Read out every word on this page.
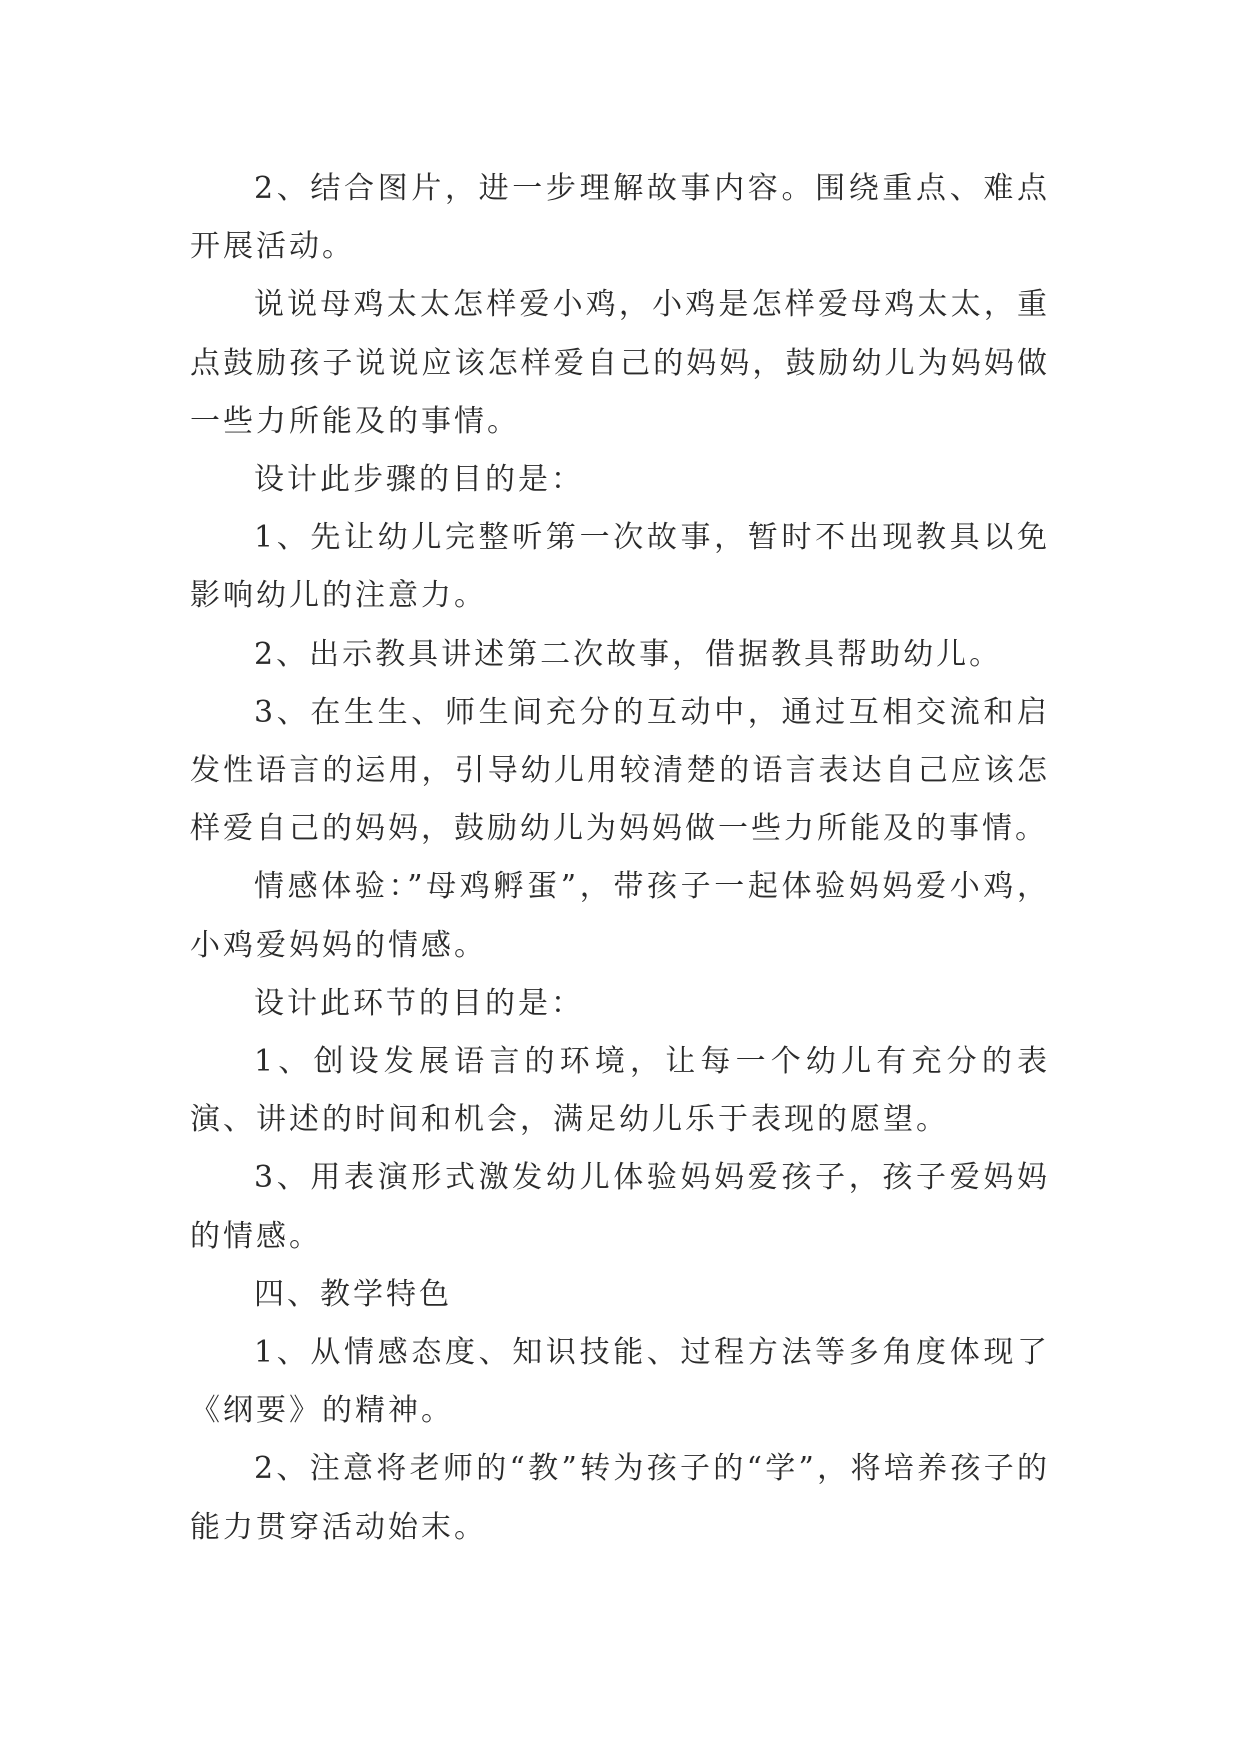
2、结合图片，进一步理解故事内容。围绕重点、难点开展活动。

说说母鸡太太怎样爱小鸡，小鸡是怎样爱母鸡太太，重点鼓励孩子说说应该怎样爱自己的妈妈，鼓励幼儿为妈妈做一些力所能及的事情。

设计此步骤的目的是：

1、先让幼儿完整听第一次故事，暂时不出现教具以免影响幼儿的注意力。

2、出示教具讲述第二次故事，借据教具帮助幼儿。

3、在生生、师生间充分的互动中，通过互相交流和启发性语言的运用，引导幼儿用较清楚的语言表达自己应该怎样爱自己的妈妈，鼓励幼儿为妈妈做一些力所能及的事情。

情感体验：”母鸡孵蛋”，带孩子一起体验妈妈爱小鸡，小鸡爱妈妈的情感。

设计此环节的目的是：

1、创设发展语言的环境，让每一个幼儿有充分的表演、讲述的时间和机会，满足幼儿乐于表现的愿望。

3、用表演形式激发幼儿体验妈妈爱孩子，孩子爱妈妈的情感。

四、教学特色

1、从情感态度、知识技能、过程方法等多角度体现了《纲要》的精神。

2、注意将老师的“教”转为孩子的“学”，将培养孩子的能力贯穿活动始末。
